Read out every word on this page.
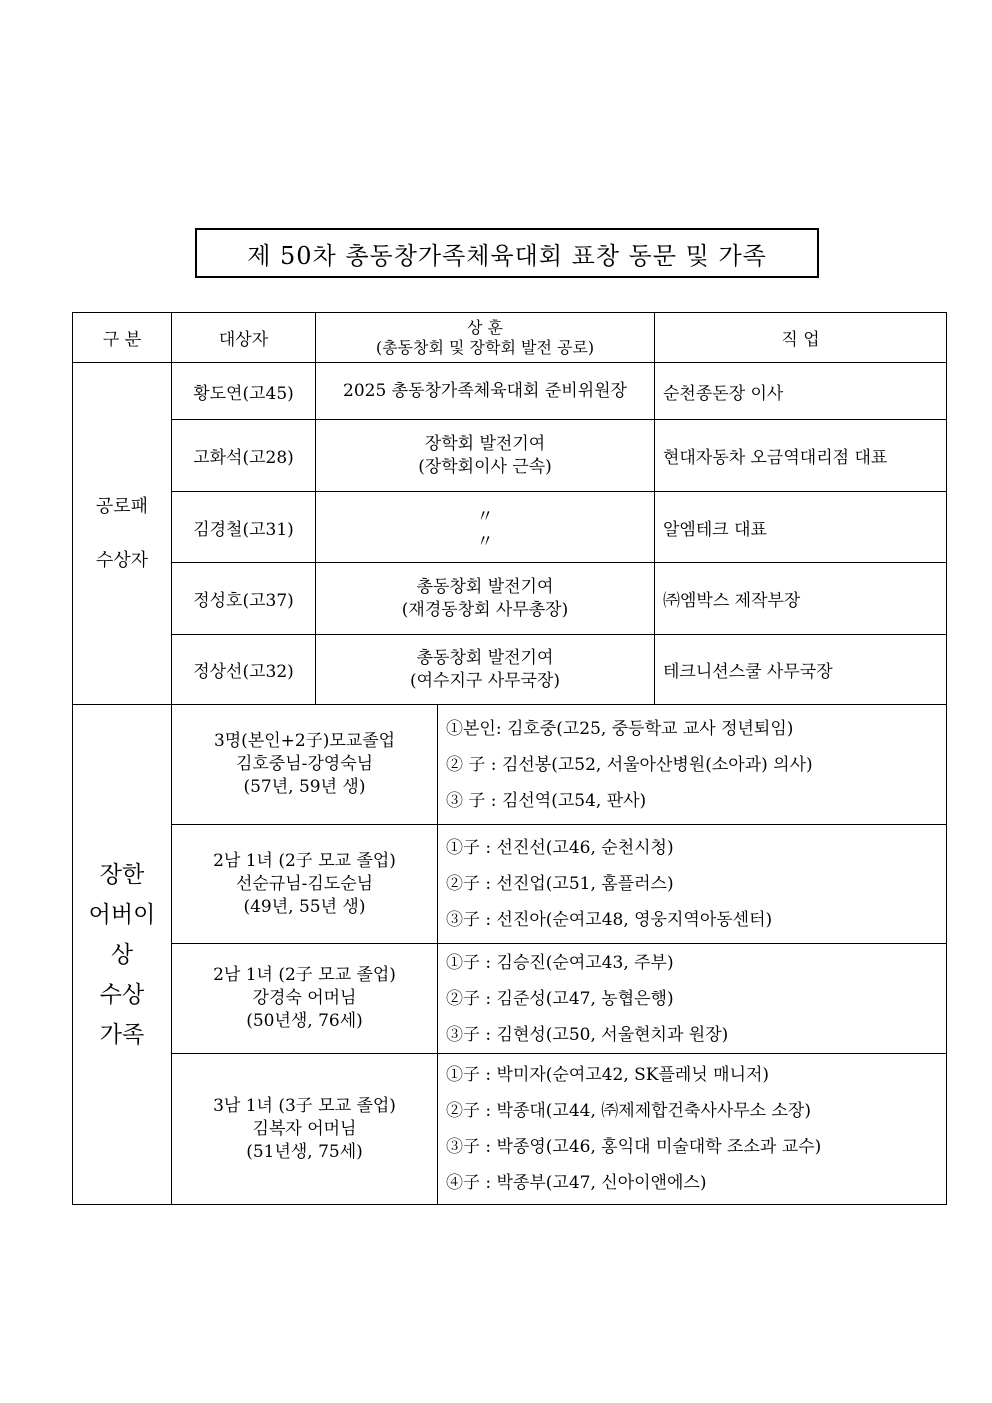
제 50차 총동창가족체육대회 표창 동문 및 가족
구 분	대상자	상 훈
(총동창회 및 장학회 발전 공로)	직 업

공로패
수상자	황도연(고45)	2025 총동창가족체육대회 준비위원장	순천종돈장 이사
	고화석(고28)	장학회 발전기여
(장학회이사 근속)	현대자동차 오금역대리점 대표
	김경철(고31)	〃〃	알엠테크 대표
	정성호(고37)	총동창회 발전기여
(재경동창회 사무총장)	㈜엠박스 제작부장
	정상선(고32)	총동창회 발전기여
(여수지구 사무국장)	테크니션스쿨 사무국장
장한
어버이
상
수상
가족	3명(본인+2子)모교졸업
김호중님-강영숙님
(57년, 59년 생)	①본인: 김호중(고25, 중등학교 교사 정년퇴임)
② 子 : 김선봉(고52, 서울아산병원(소아과) 의사)
③ 子 : 김선역(고54, 판사)

	2남 1녀 (2子 모교 졸업)
선순규님-김도순님
(49년, 55년 생)	①子 : 선진선(고46, 순천시청)
②子 : 선진업(고51, 홈플러스)
③子 : 선진아(순여고48, 영웅지역아동센터)

	2남 1녀 (2子 모교 졸업)
강경숙 어머님
(50년생, 76세)	①子 : 김승진(순여고43, 주부)
②子 : 김준성(고47, 농협은행)
③子 : 김현성(고50, 서울현치과 원장)

	3남 1녀 (3子 모교 졸업)
김복자 어머님
(51년생, 75세)	①子 : 박미자(순여고42, SK플레닛 매니저)
②子 : 박종대(고44, ㈜제제합건축사사무소 소장)
③子 : 박종영(고46, 홍익대 미술대학 조소과 교수)
④子 : 박종부(고47, 신아이앤에스)
